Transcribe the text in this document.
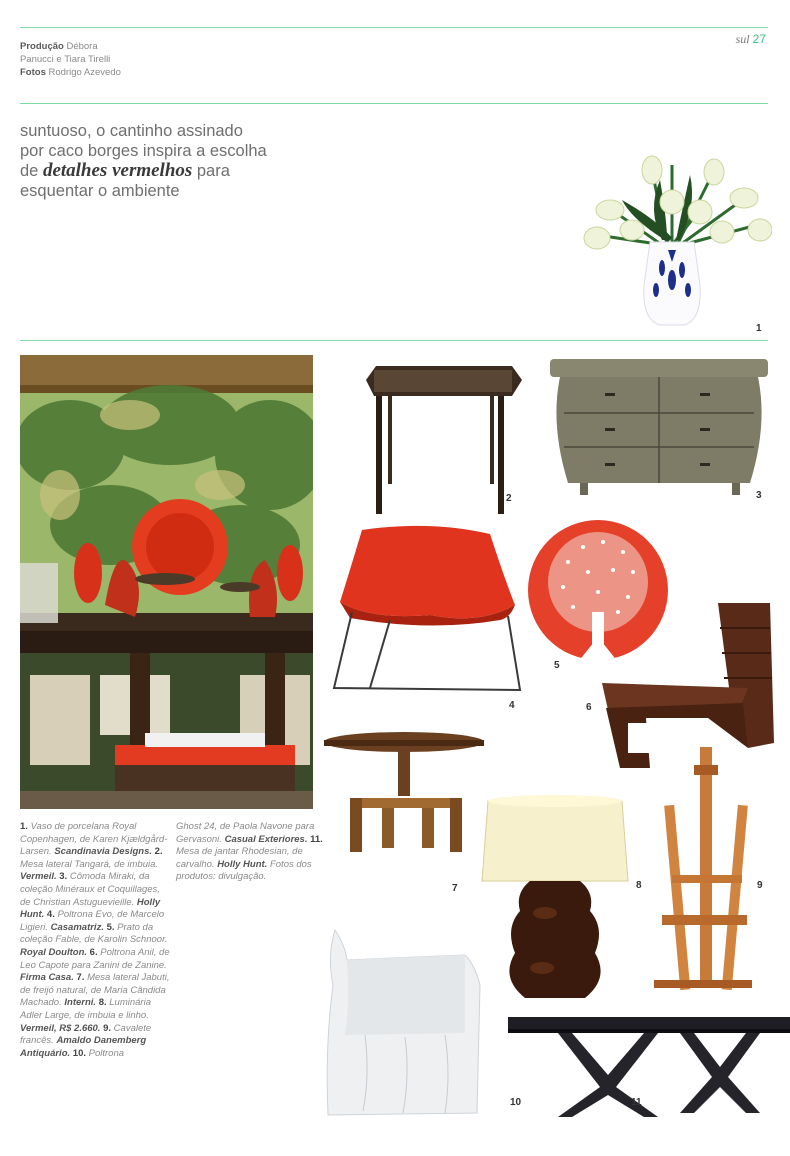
Produção Débora
Panucci e Tiara Tirelli
Fotos Rodrigo Azevedo
sul 27
suntuoso, o cantinho assinado
por caco borges inspira a escolha
de detalhes vermelhos para
esquentar o ambiente
1
2	3
4
5
6
7	8	9
10	11
1. Vaso de porcelana Royal Copenhagen, de Karen Kjældgård-Larsen. Scandinavia Designs. 2. Mesa lateral Tangará, de imbuia. Vermeil. 3. Cômoda Miraki, da coleção Minéraux et Coquillages, de Christian Astuguevieille. Holly Hunt. 4. Poltrona Evo, de Marcelo Ligieri. Casamatriz. 5. Prato da coleção Fable, de Karolin Schnoor. Royal Doulton. 6. Poltrona Anil, de Leo Capote para Zanini de Zanine. Firma Casa. 7. Mesa lateral Jabuti, de freijó natural, de Maria Cândida Machado. Interni. 8. Luminária Adler Large, de imbuia e linho. Vermeil, R$ 2.660. 9. Cavalete francês. Amaldo Danemberg Antiquário. 10. Poltrona
Ghost 24, de Paola Navone para Gervasoni. Casual Exteriores. 11. Mesa de jantar Rhodesian, de carvalho. Holly Hunt. Fotos dos produtos: divulgação.
